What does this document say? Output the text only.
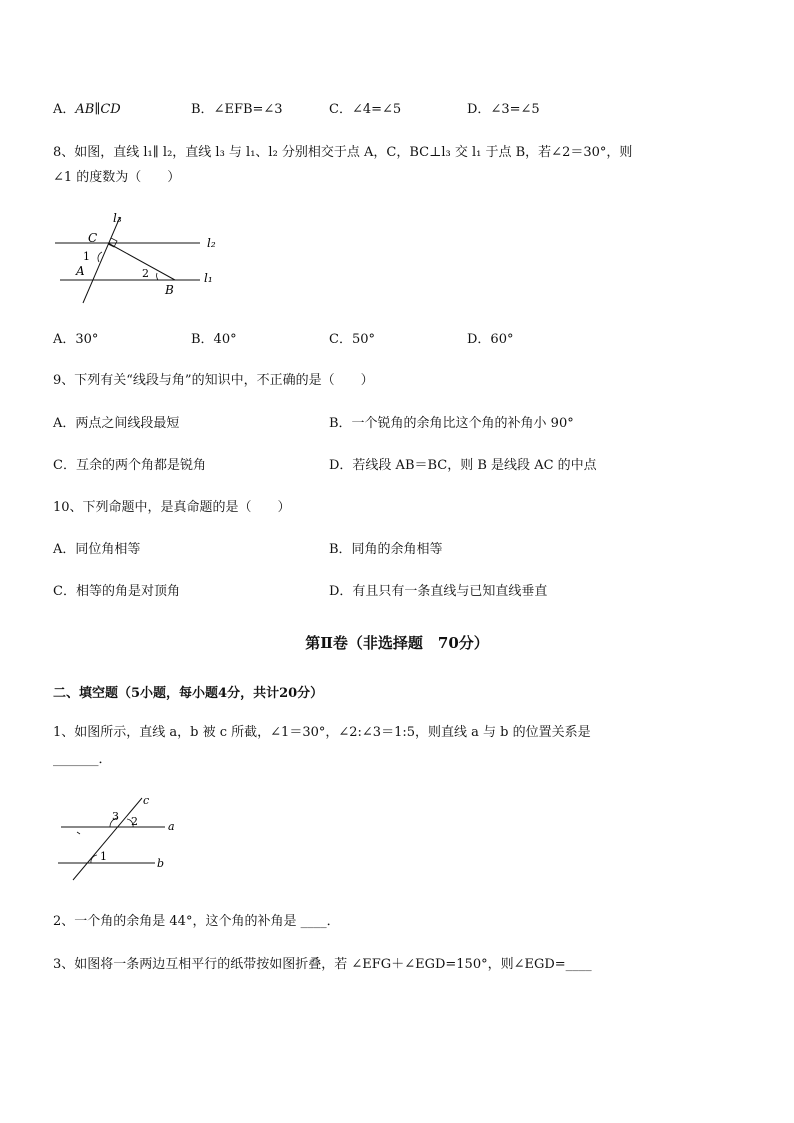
A．AB∥CD	B．∠EFB=∠3	C．∠4=∠5	D．∠3=∠5
8、如图，直线 l₁∥ l₂，直线 l₃ 与 l₁、l₂ 分别相交于点 A，C，BC⊥l₃ 交 l₁ 于点 B，若∠2＝30°，则
∠1 的度数为（　　）
l₃
l₂
l₁
C
A
B
1
2
A．30°	B．40°	C．50°	D．60°
9、下列有关“线段与角”的知识中，不正确的是（　　）
A．两点之间线段最短	B．一个锐角的余角比这个角的补角小 90°
C．互余的两个角都是锐角	D．若线段 AB＝BC，则 B 是线段 AC 的中点
10、下列命题中，是真命题的是（　　）
A．同位角相等	B．同角的余角相等
C．相等的角是对顶角	D．有且只有一条直线与已知直线垂直
第Ⅱ卷（非选择题　70分）
二、填空题（5小题，每小题4分，共计20分）
1、如图所示，直线 a，b 被 c 所截，∠1＝30°，∠2:∠3＝1:5，则直线 a 与 b 的位置关系是
_______．
c
a
b
3 2
1
2、一个角的余角是 44°，这个角的补角是 ____．
3、如图将一条两边互相平行的纸带按如图折叠，若 ∠EFG＋∠EGD=150°，则∠EGD=____
